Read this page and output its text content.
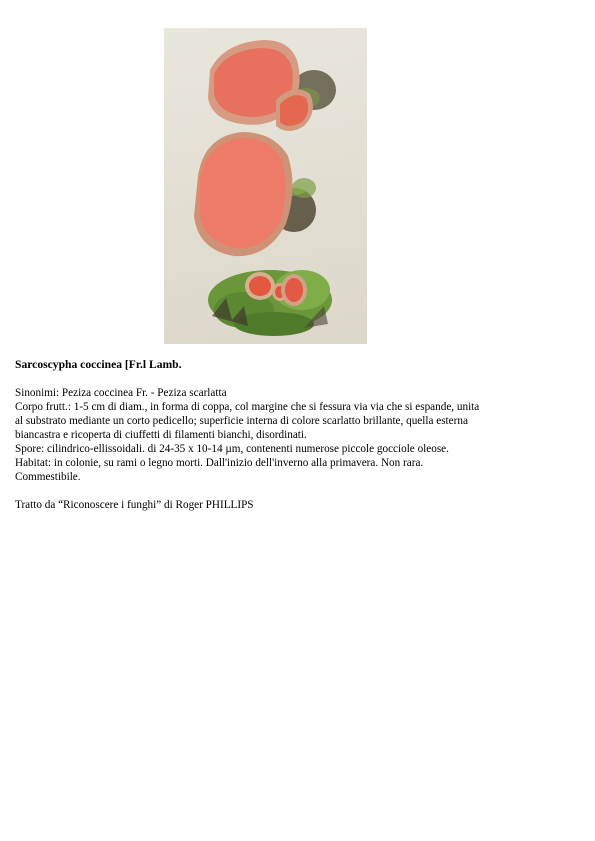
Sarcoscypha coccinea [Fr.l Lamb.

Sinonimi: Peziza coccinea Fr. - Peziza scarlatta

Corpo frutt.: 1-5 cm di diam., in forma di coppa, col margine che si fessura via via che si espande, unita

al substrato mediante un corto pedicello; superficie interna di colore scarlatto brillante, quella esterna

biancastra e ricoperta di ciuffetti di filamenti bianchi, disordinati.

Spore: cilindrico-ellissoidali. di 24-35 x 10-14 µm, contenenti numerose piccole gocciole oleose.

Habitat: in colonie, su rami o legno morti. Dall'inizio dell'inverno alla primavera. Non rara.

Commestibile.

Tratto da “Riconoscere i funghi” di Roger PHILLIPS
